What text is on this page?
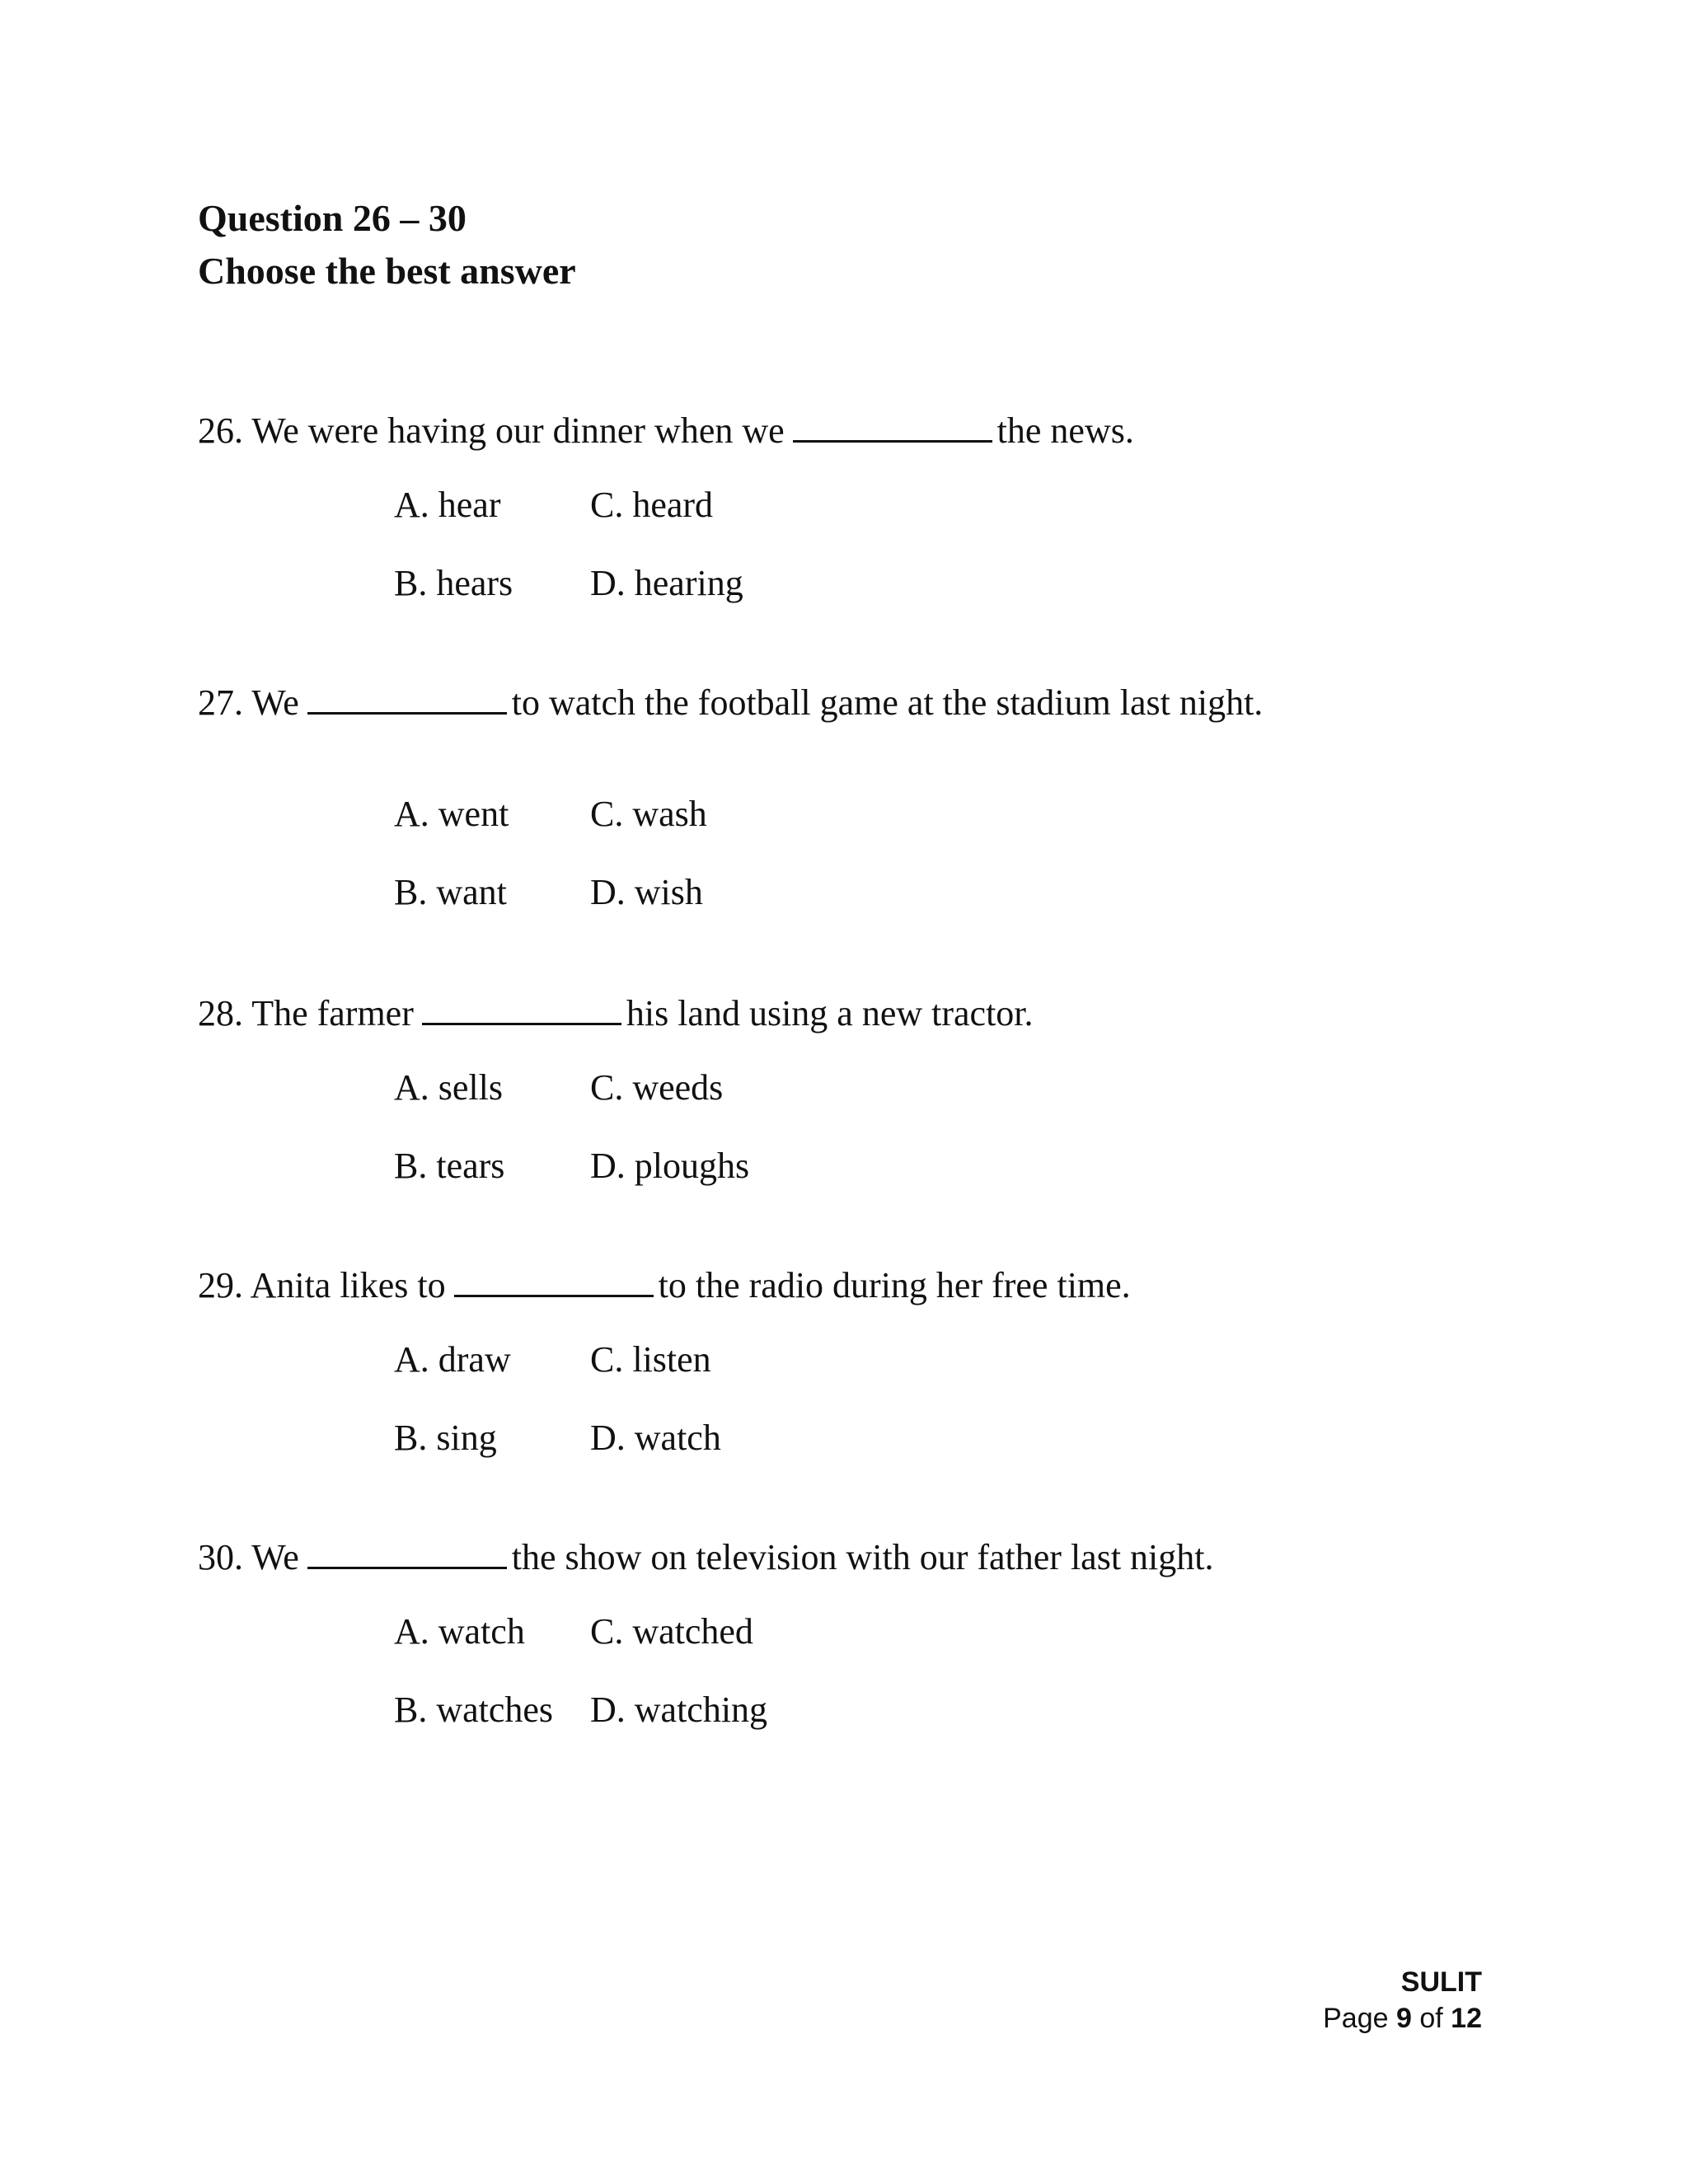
Question 26 – 30
Choose the best answer
26. We were having our dinner when we	the news.
A. hear C. heard
B. hears D. hearing
27. We	to watch the football game at the stadium last night.
A. went C. wash
B. want D. wish
28. The farmer	his land using a new tractor.
A. sells C. weeds
B. tears D. ploughs
29. Anita likes to	to the radio during her free time.
A. draw C. listen
B. sing	D. watch
30. We	the show on television with our father last night.
A. watch C. watched
B. watches D. watching
SULIT
Page 9 of 12
